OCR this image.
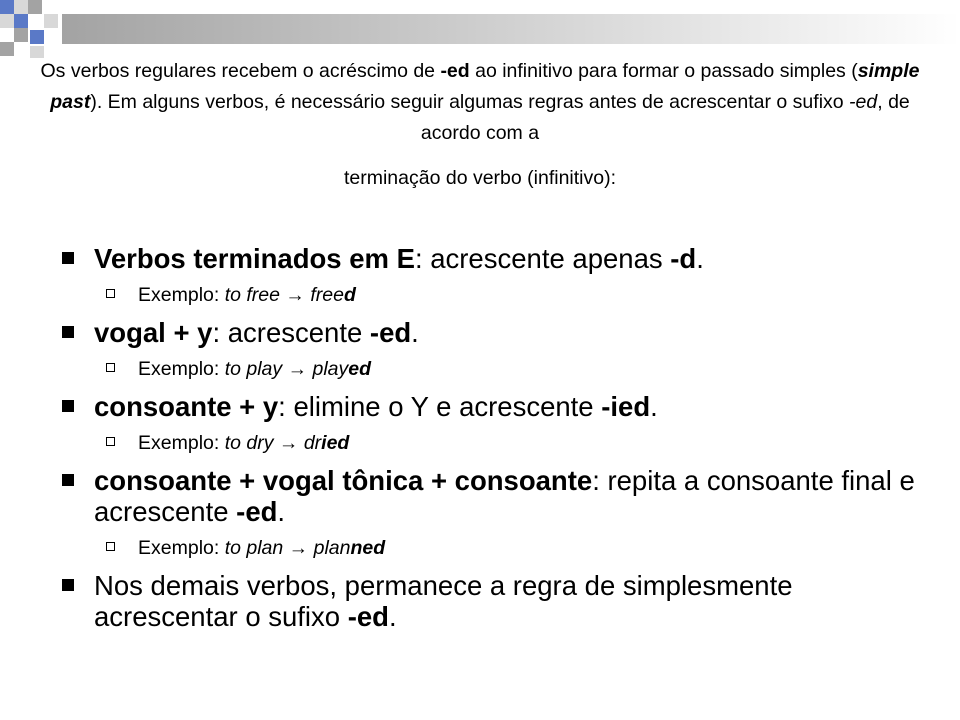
Os verbos regulares recebem o acréscimo de -ed ao infinitivo para formar o passado simples (simple past). Em alguns verbos, é necessário seguir algumas regras antes de acrescentar o sufixo -ed, de acordo com a
terminação do verbo (infinitivo):

Verbos terminados em E: acrescente apenas -d.
Exemplo: to free → freed
vogal + y: acrescente -ed.
Exemplo: to play → played
consoante + y: elimine o Y e acrescente -ied.
Exemplo: to dry → dried
consoante + vogal tônica + consoante: repita a consoante final e acrescente -ed.
Exemplo: to plan → planned
Nos demais verbos, permanece a regra de simplesmente acrescentar o sufixo -ed.
